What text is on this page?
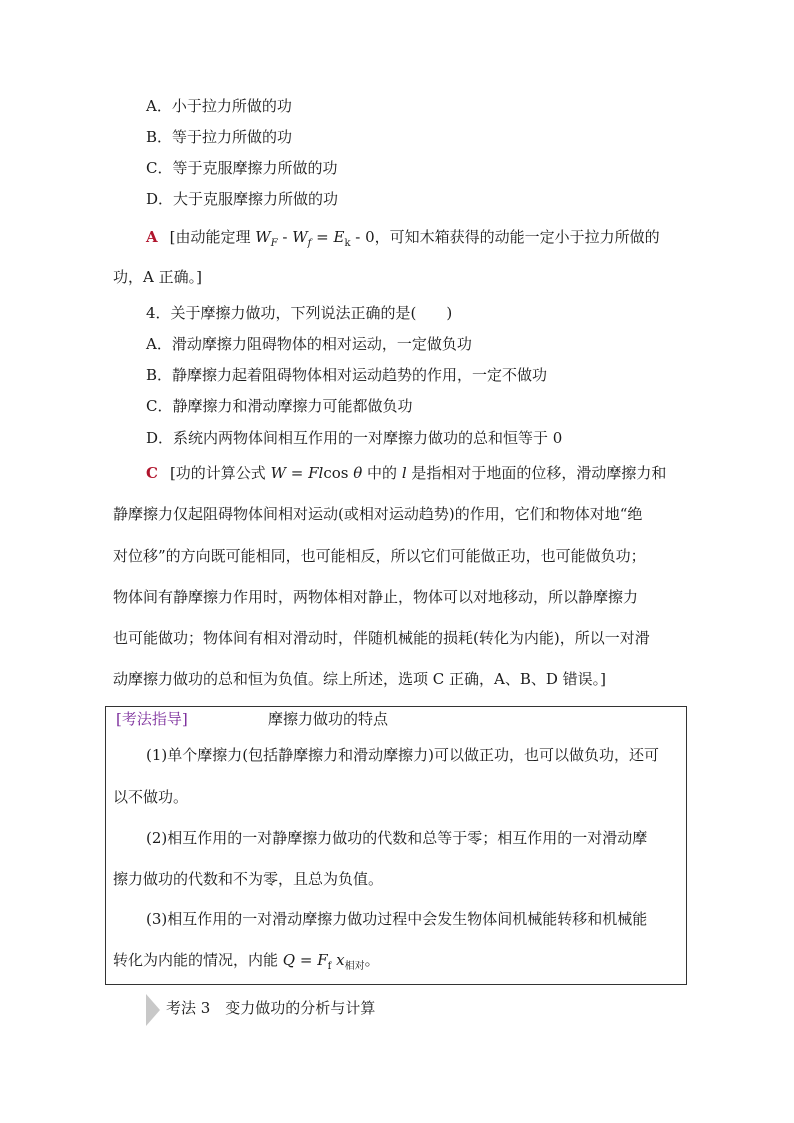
A．小于拉力所做的功
B．等于拉力所做的功
C．等于克服摩擦力所做的功
D．大于克服摩擦力所做的功
A [由动能定理 $W_F - W_f = E_k - 0$，可知木箱获得的动能一定小于拉力所做的
功，A 正确。]
4．关于摩擦力做功，下列说法正确的是(　　)
A．滑动摩擦力阻碍物体的相对运动，一定做负功
B．静摩擦力起着阻碍物体相对运动趋势的作用，一定不做功
C．静摩擦力和滑动摩擦力可能都做负功
D．系统内两物体间相互作用的一对摩擦力做功的总和恒等于 0
C [功的计算公式 W = Flcos θ 中的 l 是指相对于地面的位移，滑动摩擦力和
静摩擦力仅起阻碍物体间相对运动(或相对运动趋势)的作用，它们和物体对地“绝
对位移”的方向既可能相同，也可能相反，所以它们可能做正功，也可能做负功；
物体间有静摩擦力作用时，两物体相对静止，物体可以对地移动，所以静摩擦力
也可能做功；物体间有相对滑动时，伴随机械能的损耗(转化为内能)，所以一对滑
动摩擦力做功的总和恒为负值。综上所述，选项 C 正确，A、B、D 错误。]
[考法指导]	摩擦力做功的特点
(1)单个摩擦力(包括静摩擦力和滑动摩擦力)可以做正功，也可以做负功，还可
以不做功。
(2)相互作用的一对静摩擦力做功的代数和总等于零；相互作用的一对滑动摩
擦力做功的代数和不为零，且总为负值。
(3)相互作用的一对滑动摩擦力做功过程中会发生物体间机械能转移和机械能
转化为内能的情况，内能 $Q = F_f$ $x_{相对}$。
考法 3　变力做功的分析与计算
